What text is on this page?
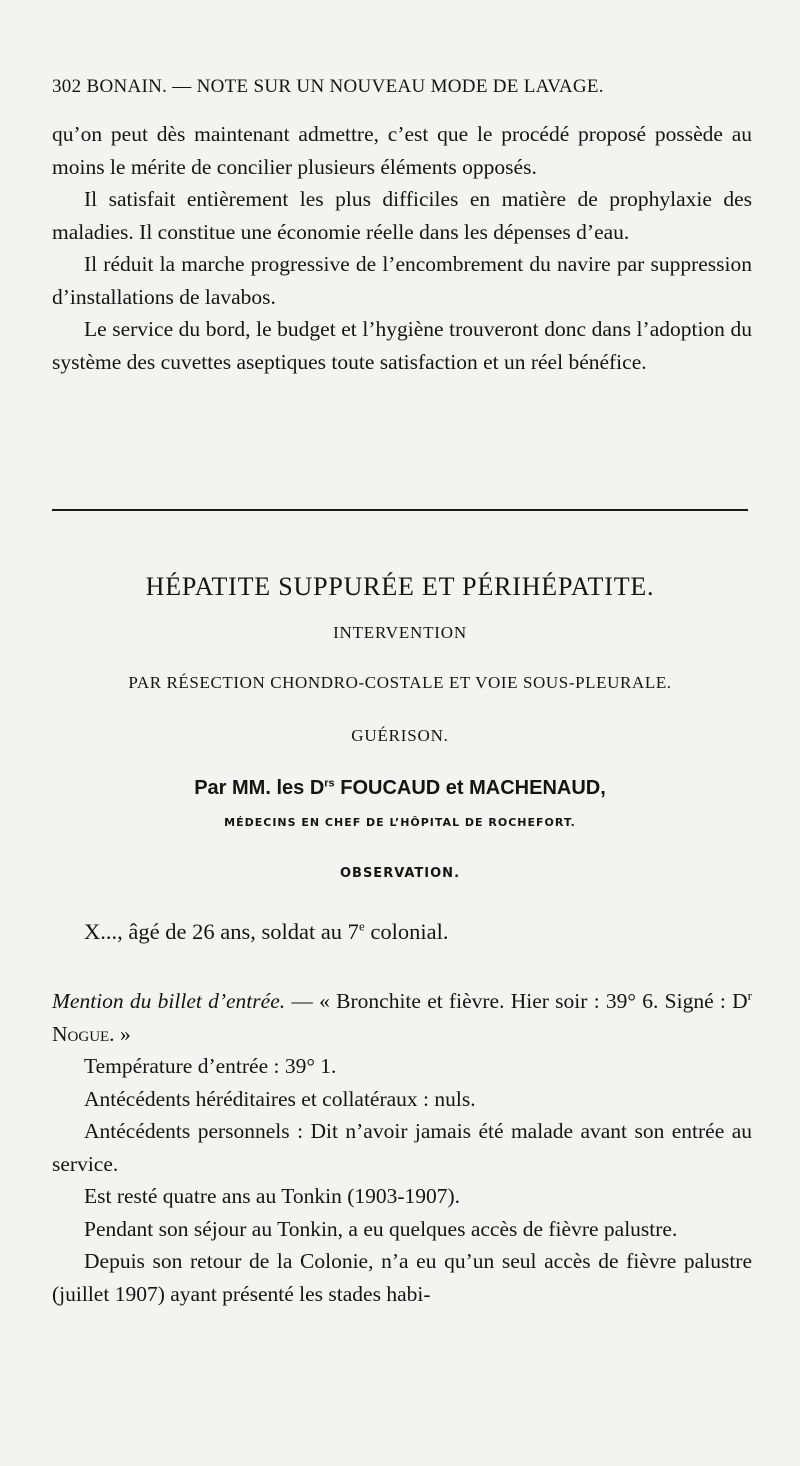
302 BONAIN. — NOTE SUR UN NOUVEAU MODE DE LAVAGE.

qu’on peut dès maintenant admettre, c’est que le procédé proposé possède au moins le mérite de concilier plusieurs éléments opposés.

Il satisfait entièrement les plus difficiles en matière de prophylaxie des maladies. Il constitue une économie réelle dans les dépenses d’eau.

Il réduit la marche progressive de l’encombrement du navire par suppression d’installations de lavabos.

Le service du bord, le budget et l’hygiène trouveront donc dans l’adoption du système des cuvettes aseptiques toute satisfaction et un réel bénéfice.

HÉPATITE SUPPURÉE ET PÉRIHÉPATITE.
INTERVENTION
PAR RÉSECTION CHONDRO-COSTALE ET VOIE SOUS-PLEURALE.
GUÉRISON.
Par MM. les $D^{rs}$ FOUCAUD et MACHENAUD,
MÉDECINS EN CHEF DE L’HÔPITAL DE ROCHEFORT.
OBSERVATION.

X..., âgé de 26 ans, soldat au 7e colonial.

Mention du billet d’entrée. — « Bronchite et fièvre. Hier soir : 39° 6. Signé : $D^r$ Nogue. »

Température d’entrée : 39° 1.

Antécédents héréditaires et collatéraux : nuls.

Antécédents personnels : Dit n’avoir jamais été malade avant son entrée au service.

Est resté quatre ans au Tonkin (1903-1907).

Pendant son séjour au Tonkin, a eu quelques accès de fièvre palustre.

Depuis son retour de la Colonie, n’a eu qu’un seul accès de fièvre palustre (juillet 1907) ayant présenté les stades habi-
